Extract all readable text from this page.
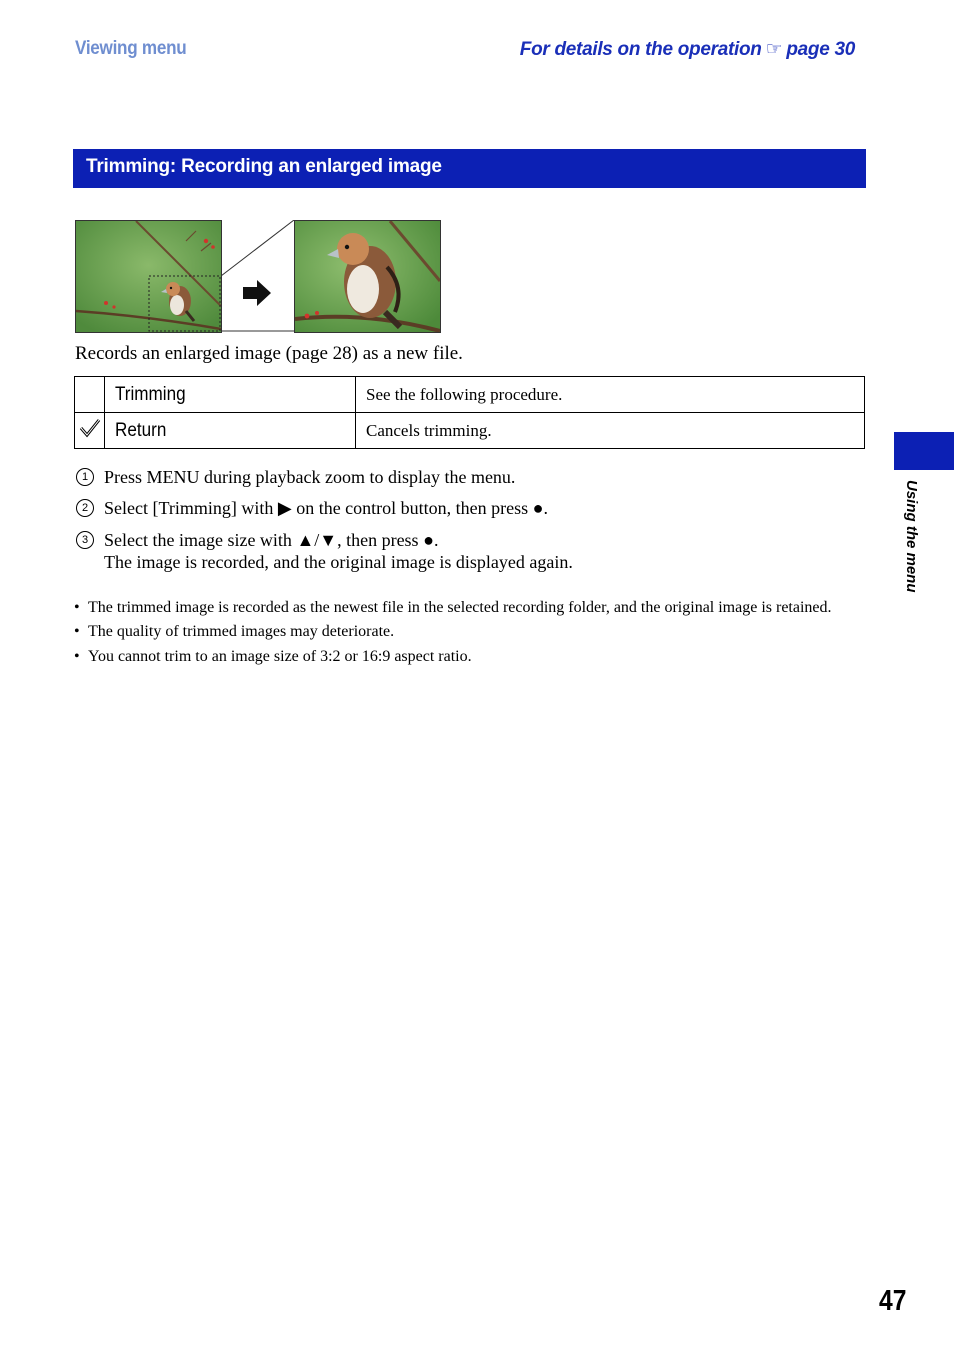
Viewing menu	For details on the operation ☞ page 30
Trimming: Recording an enlarged image
Records an enlarged image (page 28) as a new file.
	Trimming	See the following procedure.
	Return	Cancels trimming.
1 Press MENU during playback zoom to display the menu.
2 Select [Trimming] with ▶ on the control button, then press ●.
3 Select the image size with ▲/▼, then press ●.
The image is recorded, and the original image is displayed again.
• The trimmed image is recorded as the newest file in the selected recording folder, and the original image is retained.
• The quality of trimmed images may deteriorate.
• You cannot trim to an image size of 3:2 or 16:9 aspect ratio.
Using the menu
47
